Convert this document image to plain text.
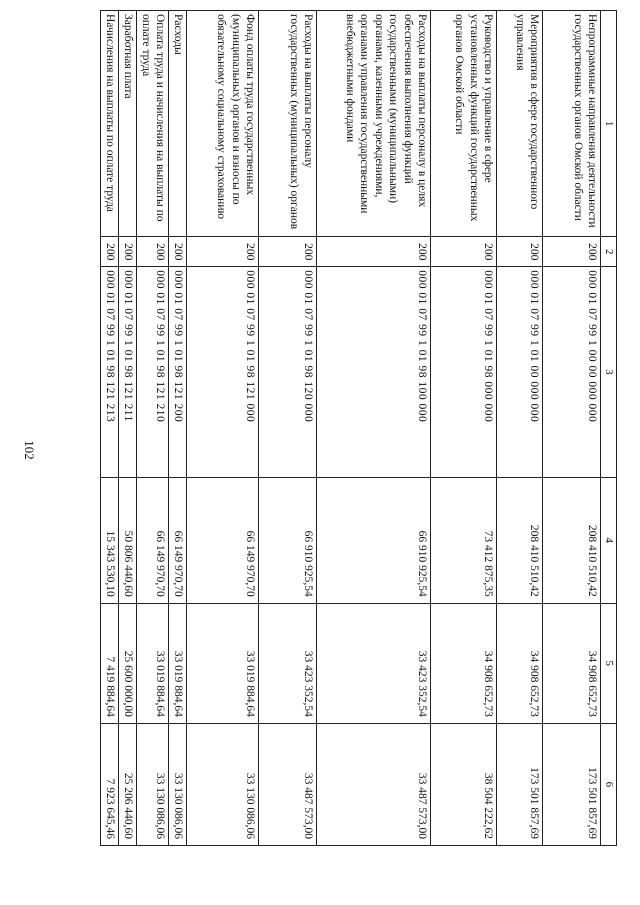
102
1	2	3	4	5	6
Непрограммные направления деятельности государственных органов Омской области	200	000 01 07 99 1 00 00 000 000	208 410 510,42	34 908 652,73	173 501 857,69
Мероприятия в сфере государственного управления	200	000 01 07 99 1 01 00 000 000	208 410 510,42	34 908 652,73	173 501 857,69
Руководство и управление в сфере установленных функций государственных органов Омской области	200	000 01 07 99 1 01 98 000 000	73 412 875,35	34 908 652,73	38 504 222,62
Расходы на выплаты персоналу в целях обеспечения выполнения функций государственными (муниципальными) органами, казенными учреждениями, органами управления государственными внебюджетными фондами	200	000 01 07 99 1 01 98 100 000	66 910 925,54	33 423 352,54	33 487 573,00
Расходы на выплаты персоналу государственных (муниципальных) органов	200	000 01 07 99 1 01 98 120 000	66 910 925,54	33 423 352,54	33 487 573,00
Фонд оплаты труда государственных (муниципальных) органов и взносы по обязательному социальному страхованию	200	000 01 07 99 1 01 98 121 000	66 149 970,70	33 019 884,64	33 130 086,06
Расходы	200	000 01 07 99 1 01 98 121 200	66 149 970,70	33 019 884,64	33 130 086,06
Оплата труда и начисления на выплаты по оплате труда	200	000 01 07 99 1 01 98 121 210	66 149 970,70	33 019 884,64	33 130 086,06
Заработная плата	200	000 01 07 99 1 01 98 121 211	50 806 440,60	25 600 000,00	25 206 440,60
Начисления на выплаты по оплате труда	200	000 01 07 99 1 01 98 121 213	15 343 530,10	7 419 884,64	7 923 645,46
